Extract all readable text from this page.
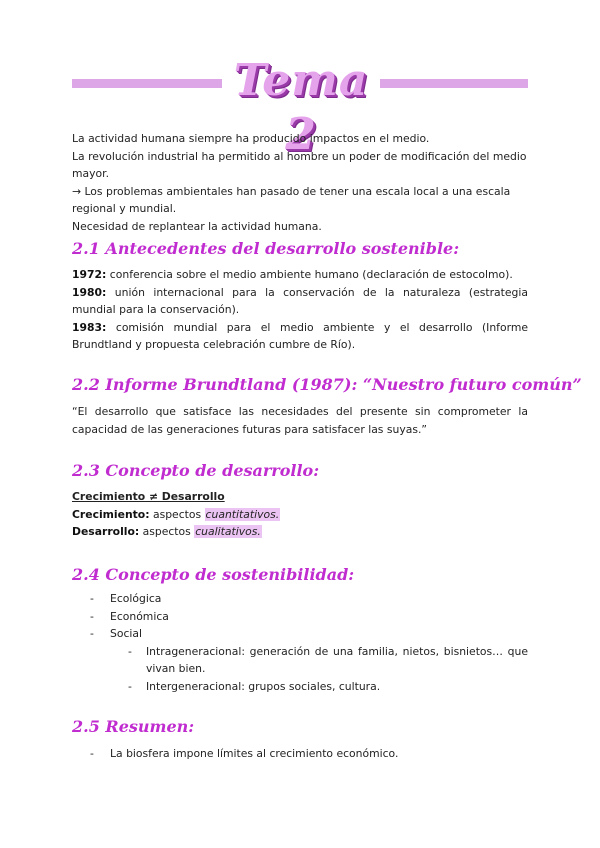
Tema 2

La actividad humana siempre ha producido impactos en el medio.

La revolución industrial ha permitido al hombre un poder de modificación del medio mayor.

→ Los problemas ambientales han pasado de tener una escala local a una escala regional y mundial.

Necesidad de replantear la actividad humana.

2.1 Antecedentes del desarrollo sostenible:

1972: conferencia sobre el medio ambiente humano (declaración de estocolmo).

1980: unión internacional para la conservación de la naturaleza (estrategia mundial para la conservación).

1983: comisión mundial para el medio ambiente y el desarrollo (Informe Brundtland y propuesta celebración cumbre de Río).

2.2 Informe Brundtland (1987): “Nuestro futuro común”
“El desarrollo que satisface las necesidades del presente sin comprometer la capacidad de las generaciones futuras para satisfacer las suyas.”
2.3 Concepto de desarrollo:

Crecimiento ≠ Desarrollo

Crecimiento: aspectos cuantitativos.

Desarrollo: aspectos cualitativos.

2.4 Concepto de sostenibilidad:
- Ecológica
- Económica
- Social
- Intrageneracional: generación de una familia, nietos, bisnietos… que vivan bien.
- Intergeneracional: grupos sociales, cultura.
2.5 Resumen:
- La biosfera impone límites al crecimiento económico.
